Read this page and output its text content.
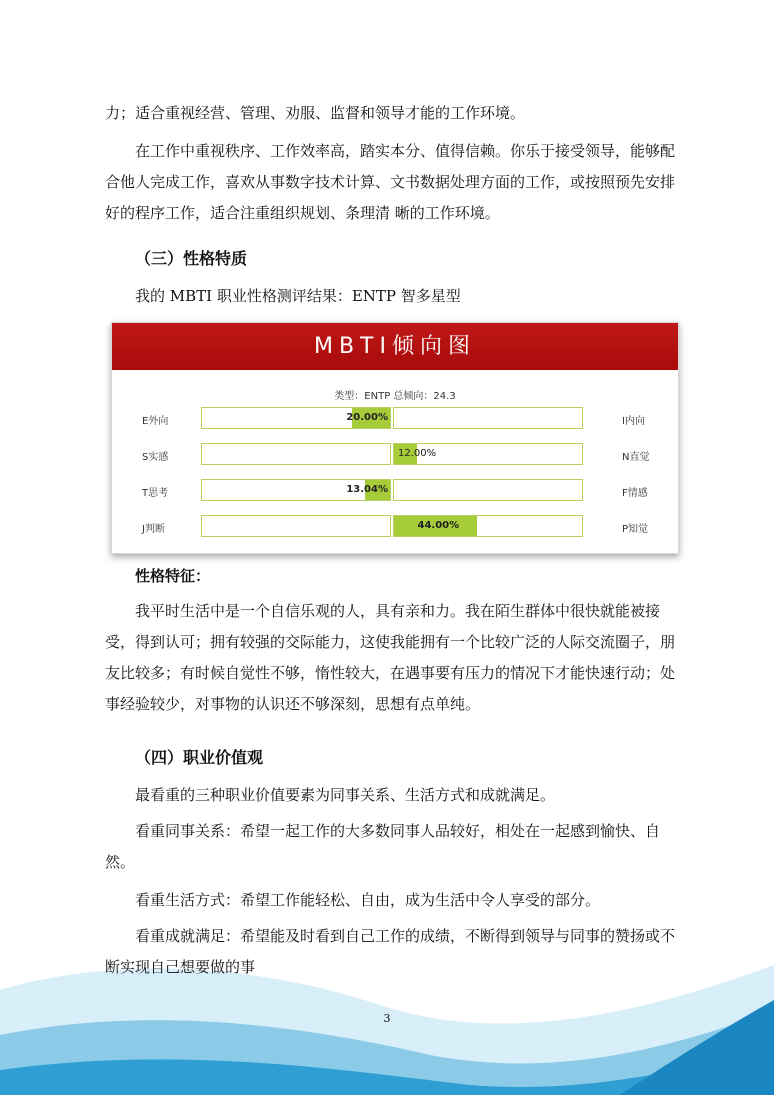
力；适合重视经营、管理、劝服、监督和领导才能的工作环境。

在工作中重视秩序、工作效率高，踏实本分、值得信赖。你乐于接受领导，能够配合他人完成工作，喜欢从事数字技术计算、文书数据处理方面的工作，或按照预先安排好的程序工作，适合注重组织规划、条理清 晰的工作环境。

（三）性格特质

我的 MBTI 职业性格测评结果：ENTP 智多星型

MBTI倾向图
类型：ENTP 总倾向：24.3
E外向	I内向
20.00%
S实感	N直觉
12.00%
T思考	F情感
13.04%
J判断	P知觉
44.00%

性格特征：

我平时生活中是一个自信乐观的人，具有亲和力。我在陌生群体中很快就能被接受，得到认可；拥有较强的交际能力，这使我能拥有一个比较广泛的人际交流圈子，朋友比较多；有时候自觉性不够，惰性较大，在遇事要有压力的情况下才能快速行动；处事经验较少，对事物的认识还不够深刻，思想有点单纯。

（四）职业价值观

最看重的三种职业价值要素为同事关系、生活方式和成就满足。

看重同事关系：希望一起工作的大多数同事人品较好，相处在一起感到愉快、自然。

看重生活方式：希望工作能轻松、自由，成为生活中令人享受的部分。

看重成就满足：希望能及时看到自己工作的成绩，不断得到领导与同事的赞扬或不断实现自己想要做的事

3
